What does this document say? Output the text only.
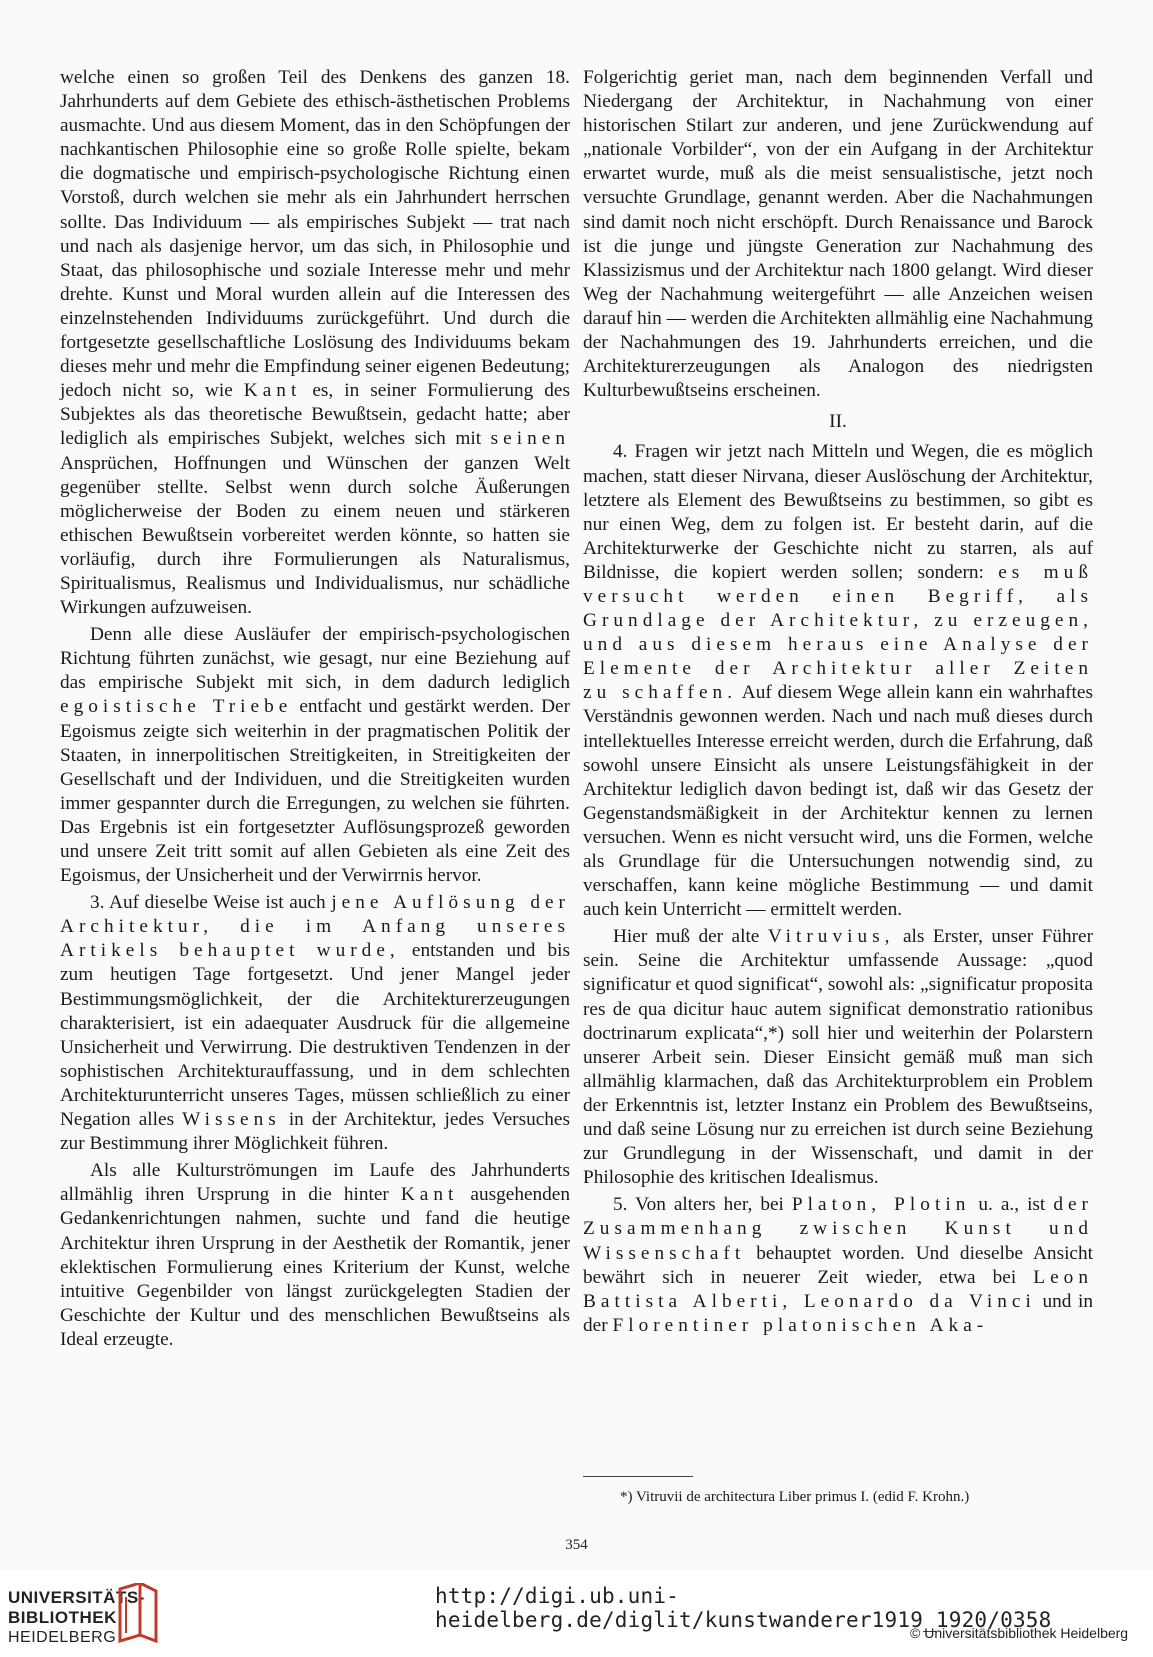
welche einen so großen Teil des Denkens des ganzen 18. Jahrhunderts auf dem Gebiete des ethisch-ästhetischen Problems ausmachte. Und aus diesem Moment, das in den Schöpfungen der nachkantischen Philosophie eine so große Rolle spielte, bekam die dogmatische und empirisch-psychologische Richtung einen Vorstoß, durch welchen sie mehr als ein Jahrhundert herrschen sollte. Das Individuum — als empirisches Subjekt — trat nach und nach als dasjenige hervor, um das sich, in Philosophie und Staat, das philosophische und soziale Interesse mehr und mehr drehte. Kunst und Moral wurden allein auf die Interessen des einzelnstehenden Individuums zurückgeführt. Und durch die fortgesetzte gesellschaftliche Loslösung des Individuums bekam dieses mehr und mehr die Empfindung seiner eigenen Bedeutung; jedoch nicht so, wie Kant es, in seiner Formulierung des Subjektes als das theoretische Bewußtsein, gedacht hatte; aber lediglich als empirisches Subjekt, welches sich mit seinen Ansprüchen, Hoffnungen und Wünschen der ganzen Welt gegenüber stellte. Selbst wenn durch solche Äußerungen möglicherweise der Boden zu einem neuen und stärkeren ethischen Bewußtsein vorbereitet werden könnte, so hatten sie vorläufig, durch ihre Formulierungen als Naturalismus, Spiritualismus, Realismus und Individualismus, nur schädliche Wirkungen aufzuweisen.

Denn alle diese Ausläufer der empirisch-psychologischen Richtung führten zunächst, wie gesagt, nur eine Beziehung auf das empirische Subjekt mit sich, in dem dadurch lediglich egoistische Triebe entfacht und gestärkt werden. Der Egoismus zeigte sich weiterhin in der pragmatischen Politik der Staaten, in innerpolitischen Streitigkeiten, in Streitigkeiten der Gesellschaft und der Individuen, und die Streitigkeiten wurden immer gespannter durch die Erregungen, zu welchen sie führten. Das Ergebnis ist ein fortgesetzter Auflösungsprozeß geworden und unsere Zeit tritt somit auf allen Gebieten als eine Zeit des Egoismus, der Unsicherheit und der Verwirrnis hervor.

3. Auf dieselbe Weise ist auch jene Auflösung der Architektur, die im Anfang unseres Artikels behauptet wurde, entstanden und bis zum heutigen Tage fortgesetzt. Und jener Mangel jeder Bestimmungsmöglichkeit, der die Architekturerzeugungen charakterisiert, ist ein adaequater Ausdruck für die allgemeine Unsicherheit und Verwirrung. Die destruktiven Tendenzen in der sophistischen Architekturauffassung, und in dem schlechten Architekturunterricht unseres Tages, müssen schließlich zu einer Negation alles Wissens in der Architektur, jedes Versuches zur Bestimmung ihrer Möglichkeit führen.

Als alle Kulturströmungen im Laufe des Jahrhunderts allmählig ihren Ursprung in die hinter Kant ausgehenden Gedankenrichtungen nahmen, suchte und fand die heutige Architektur ihren Ursprung in der Aesthetik der Romantik, jener eklektischen Formulierung eines Kriterium der Kunst, welche intuitive Gegenbilder von längst zurückgelegten Stadien der Geschichte der Kultur und des menschlichen Bewußtseins als Ideal erzeugte.

Folgerichtig geriet man, nach dem beginnenden Verfall und Niedergang der Architektur, in Nachahmung von einer historischen Stilart zur anderen, und jene Zurückwendung auf „nationale Vorbilder“, von der ein Aufgang in der Architektur erwartet wurde, muß als die meist sensualistische, jetzt noch versuchte Grundlage, genannt werden. Aber die Nachahmungen sind damit noch nicht erschöpft. Durch Renaissance und Barock ist die junge und jüngste Generation zur Nachahmung des Klassizismus und der Architektur nach 1800 gelangt. Wird dieser Weg der Nachahmung weitergeführt — alle Anzeichen weisen darauf hin — werden die Architekten allmählig eine Nachahmung der Nachahmungen des 19. Jahrhunderts erreichen, und die Architekturerzeugungen als Analogon des niedrigsten Kulturbewußtseins erscheinen.

II.

4. Fragen wir jetzt nach Mitteln und Wegen, die es möglich machen, statt dieser Nirvana, dieser Auslöschung der Architektur, letztere als Element des Bewußtseins zu bestimmen, so gibt es nur einen Weg, dem zu folgen ist. Er besteht darin, auf die Architekturwerke der Geschichte nicht zu starren, als auf Bildnisse, die kopiert werden sollen; sondern: es muß versucht werden einen Begriff, als Grundlage der Architektur, zu erzeugen, und aus diesem heraus eine Analyse der Elemente der Architektur aller Zeiten zu schaffen. Auf diesem Wege allein kann ein wahrhaftes Verständnis gewonnen werden. Nach und nach muß dieses durch intellektuelles Interesse erreicht werden, durch die Erfahrung, daß sowohl unsere Einsicht als unsere Leistungsfähigkeit in der Architektur lediglich davon bedingt ist, daß wir das Gesetz der Gegenstandsmäßigkeit in der Architektur kennen zu lernen versuchen. Wenn es nicht versucht wird, uns die Formen, welche als Grundlage für die Untersuchungen notwendig sind, zu verschaffen, kann keine mögliche Bestimmung — und damit auch kein Unterricht — ermittelt werden.

Hier muß der alte Vitruvius, als Erster, unser Führer sein. Seine die Architektur umfassende Aussage: „quod significatur et quod significat“, sowohl als: „significatur proposita res de qua dicitur hauc autem significat demonstratio rationibus doctrinarum explicata“,*) soll hier und weiterhin der Polarstern unserer Arbeit sein. Dieser Einsicht gemäß muß man sich allmählig klarmachen, daß das Architekturproblem ein Problem der Erkenntnis ist, letzter Instanz ein Problem des Bewußtseins, und daß seine Lösung nur zu erreichen ist durch seine Beziehung zur Grundlegung in der Wissenschaft, und damit in der Philosophie des kritischen Idealismus.

5. Von alters her, bei Platon, Plotin u. a., ist der Zusammenhang zwischen Kunst und Wissenschaft behauptet worden. Und dieselbe Ansicht bewährt sich in neuerer Zeit wieder, etwa bei Leon Battista Alberti, Leonardo da Vinci und in der Florentiner platonischen Aka-

*) Vitruvii de architectura Liber primus I. (edid F. Krohn.)
354
UNIVERSITÄTS-
BIBLIOTHEK
HEIDELBERG
http://digi.ub.uni-heidelberg.de/diglit/kunstwanderer1919_1920/0358
© Universitätsbibliothek Heidelberg
